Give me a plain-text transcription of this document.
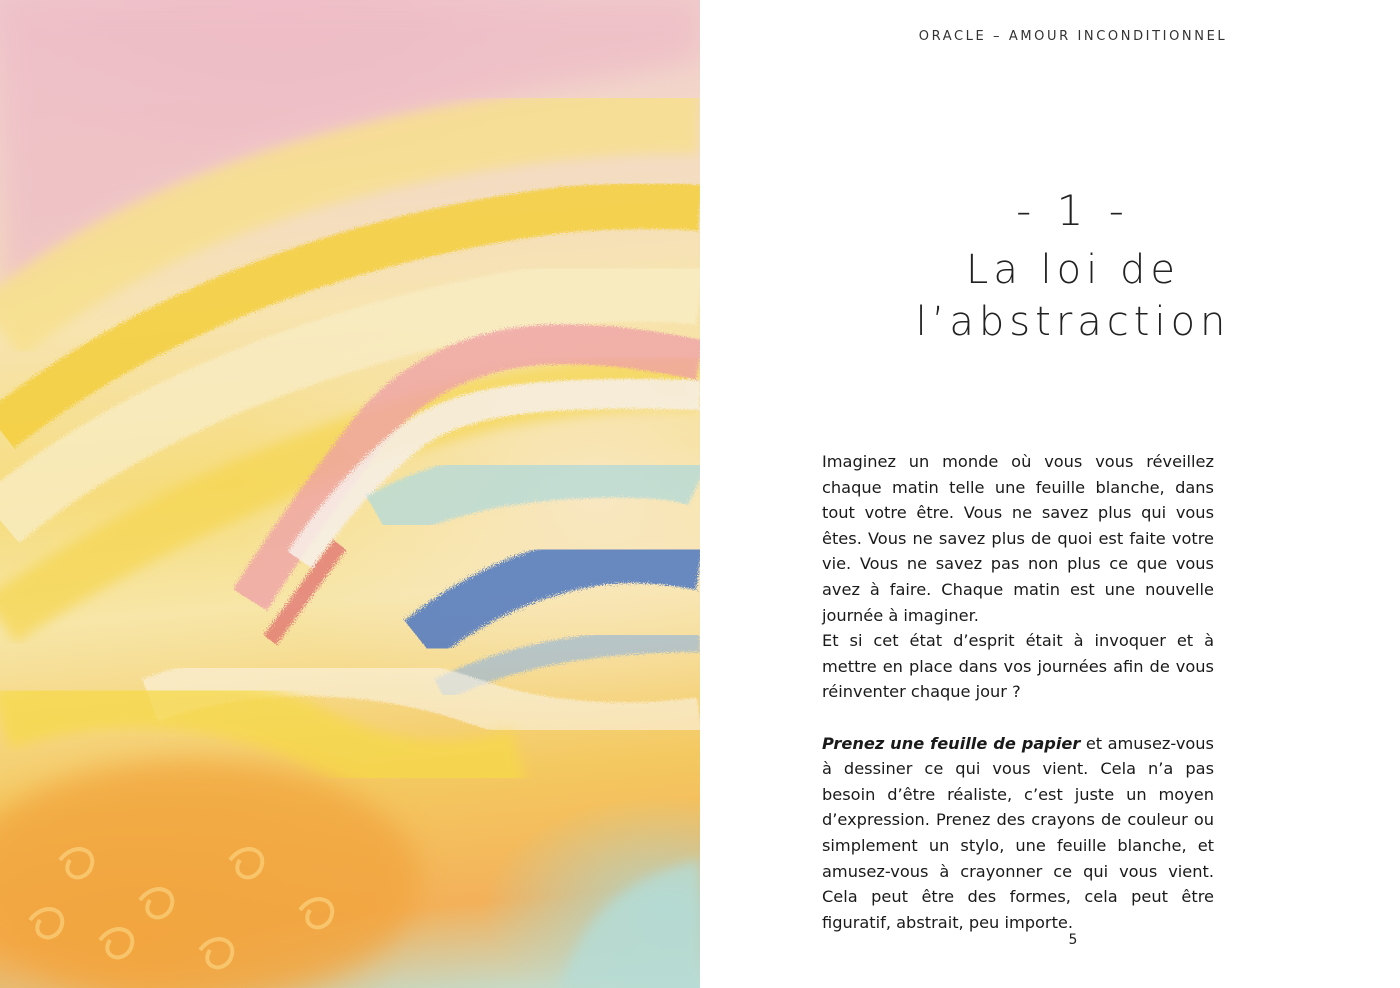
ORACLE – AMOUR INCONDITIONNEL
- 1 -
La loi de
l’abstraction

Imaginez un monde où vous vous réveillez chaque matin telle une feuille blanche, dans tout votre être. Vous ne savez plus qui vous êtes. Vous ne savez plus de quoi est faite votre vie. Vous ne savez pas non plus ce que vous avez à faire. Chaque matin est une nouvelle journée à imaginer.

Et si cet état d’esprit était à invoquer et à mettre en place dans vos journées afin de vous réinventer chaque jour ?

Prenez une feuille de papier et amusez-vous à dessiner ce qui vous vient. Cela n’a pas besoin d’être réaliste, c’est juste un moyen d’expression. Prenez des crayons de couleur ou simplement un stylo, une feuille blanche, et amusez-vous à crayonner ce qui vous vient. Cela peut être des formes, cela peut être figuratif, abstrait, peu importe.

5
